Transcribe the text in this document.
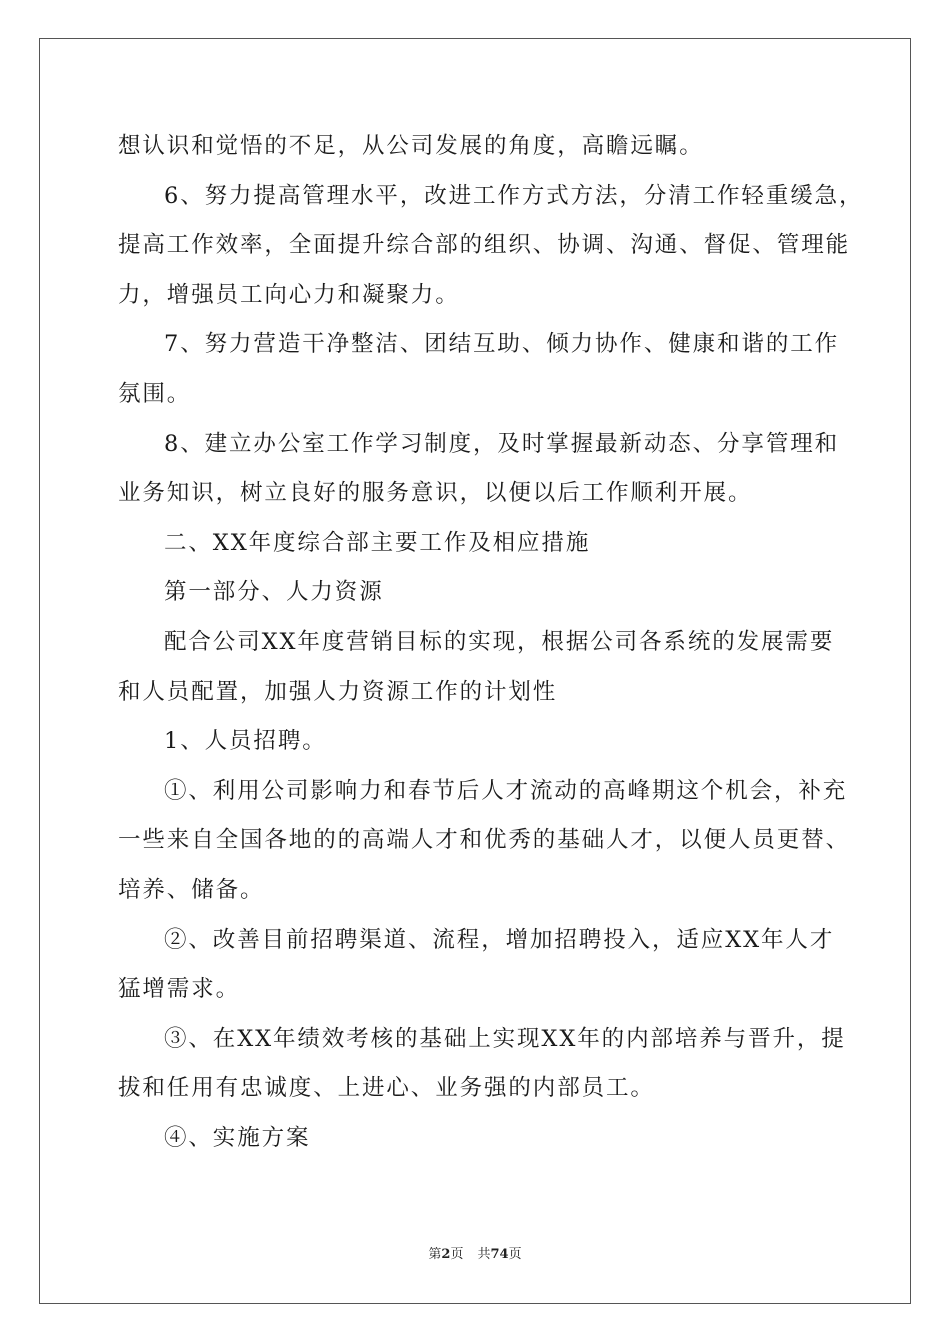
想认识和觉悟的不足，从公司发展的角度，高瞻远瞩。
6、努力提高管理水平，改进工作方式方法，分清工作轻重缓急，
提高工作效率，全面提升综合部的组织、协调、沟通、督促、管理能
力，增强员工向心力和凝聚力。
7、努力营造干净整洁、团结互助、倾力协作、健康和谐的工作
氛围。
8、建立办公室工作学习制度，及时掌握最新动态、分享管理和
业务知识，树立良好的服务意识，以便以后工作顺利开展。
二、XX年度综合部主要工作及相应措施
第一部分、人力资源
配合公司XX年度营销目标的实现，根据公司各系统的发展需要
和人员配置，加强人力资源工作的计划性
1、人员招聘。
①、利用公司影响力和春节后人才流动的高峰期这个机会，补充
一些来自全国各地的的高端人才和优秀的基础人才，以便人员更替、
培养、储备。
②、改善目前招聘渠道、流程，增加招聘投入，适应XX年人才
猛增需求。
③、在XX年绩效考核的基础上实现XX年的内部培养与晋升，提
拔和任用有忠诚度、上进心、业务强的内部员工。
④、实施方案
第2页 共74页
